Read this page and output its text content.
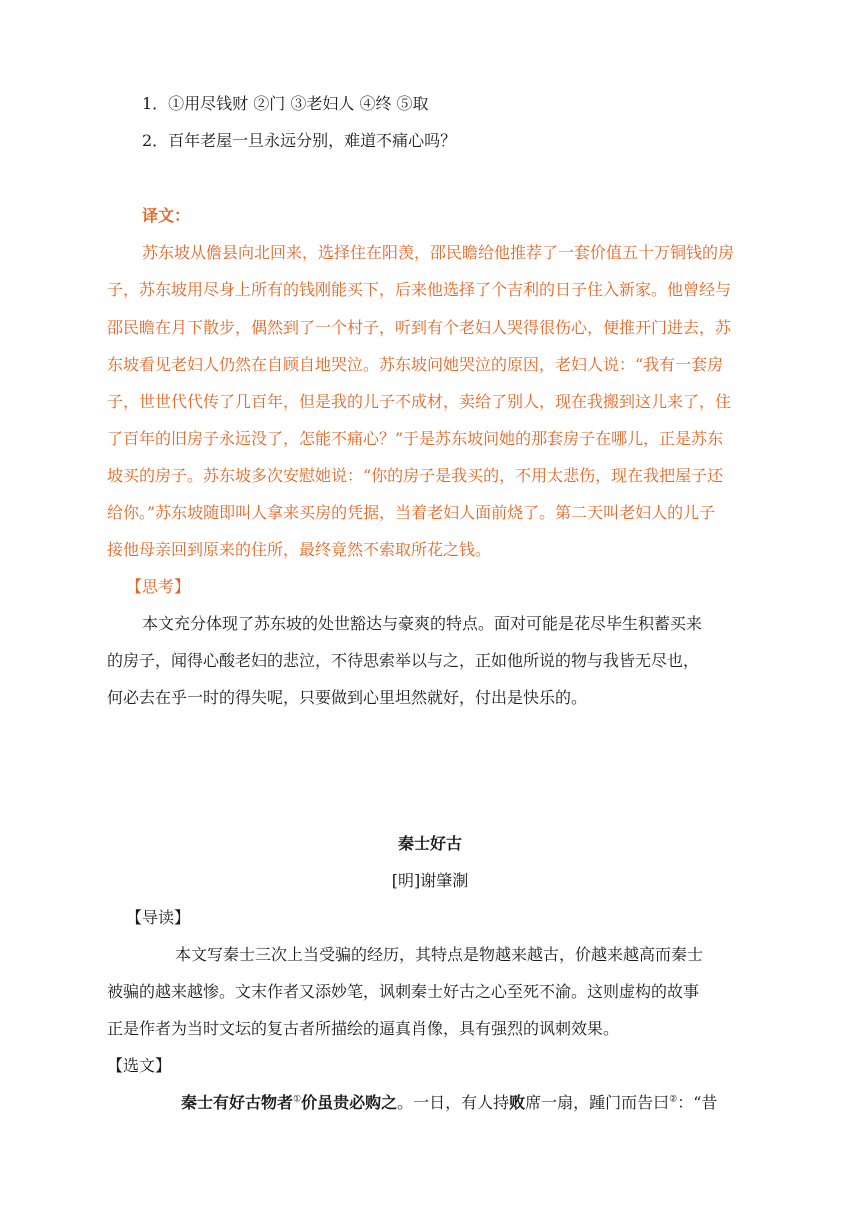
1．①用尽钱财 ②门 ③老妇人 ④终 ⑤取
2．百年老屋一旦永远分别，难道不痛心吗？
译文：
苏东坡从儋县向北回来，选择住在阳羡，邵民瞻给他推荐了一套价值五十万铜钱的房
子，苏东坡用尽身上所有的钱刚能买下，后来他选择了个吉利的日子住入新家。他曾经与
邵民瞻在月下散步，偶然到了一个村子，听到有个老妇人哭得很伤心，便推开门进去，苏
东坡看见老妇人仍然在自顾自地哭泣。苏东坡问她哭泣的原因，老妇人说：“我有一套房
子，世世代代传了几百年，但是我的儿子不成材，卖给了别人，现在我搬到这儿来了，住
了百年的旧房子永远没了，怎能不痛心？”于是苏东坡问她的那套房子在哪儿，正是苏东
坡买的房子。苏东坡多次安慰她说：“你的房子是我买的，不用太悲伤，现在我把屋子还
给你。”苏东坡随即叫人拿来买房的凭据，当着老妇人面前烧了。第二天叫老妇人的儿子
接他母亲回到原来的住所，最终竟然不索取所花之钱。
【思考】
本文充分体现了苏东坡的处世豁达与豪爽的特点。面对可能是花尽毕生积蓄买来
的房子，闻得心酸老妇的悲泣，不待思索举以与之，正如他所说的物与我皆无尽也，
何必去在乎一时的得失呢，只要做到心里坦然就好，付出是快乐的。
秦士好古
[明]谢肇淛
【导读】
本文写秦士三次上当受骗的经历，其特点是物越来越古，价越来越高而秦士
被骗的越来越惨。文末作者又添妙笔，讽刺秦士好古之心至死不渝。这则虚构的故事
正是作者为当时文坛的复古者所描绘的逼真肖像，具有强烈的讽刺效果。
【选文】
秦士有好古物者①价虽贵必购之。一日，有人持败席一扇，踵门而告曰②：“昔
